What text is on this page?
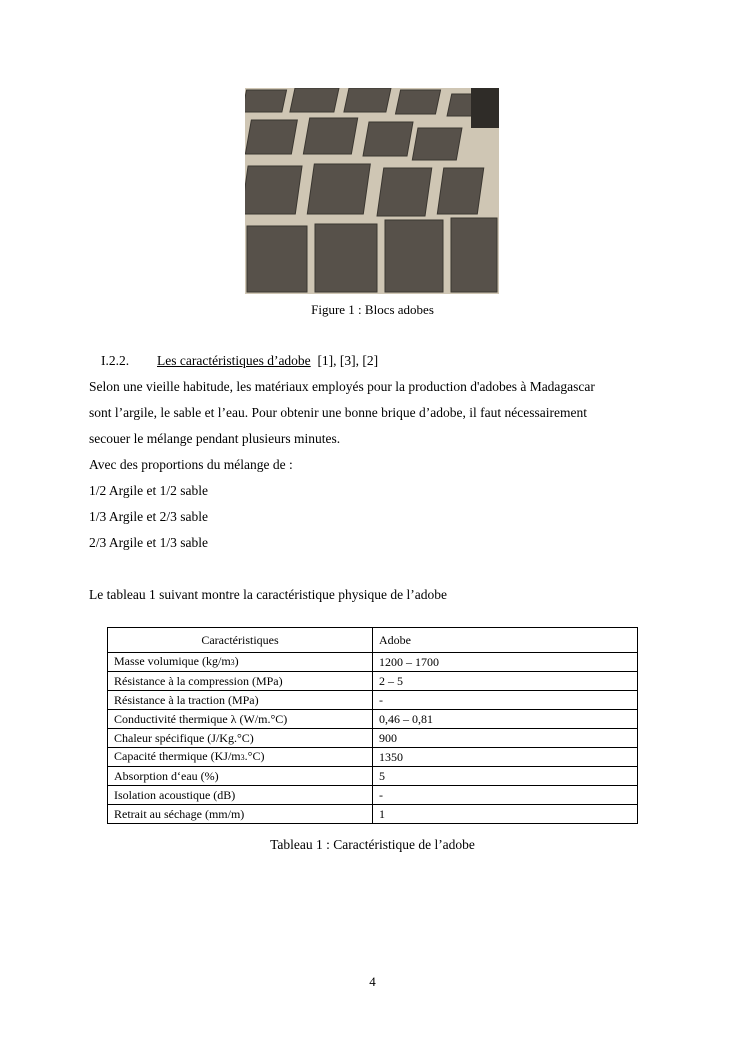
Figure 1 : Blocs adobes
I.2.2. Les caractéristiques d’adobe [1], [3], [2]
Selon une vieille habitude, les matériaux employés pour la production d'adobes à Madagascar
sont l’argile, le sable et l’eau. Pour obtenir une bonne brique d’adobe, il faut nécessairement
secouer le mélange pendant plusieurs minutes.
Avec des proportions du mélange de :
1/2 Argile et 1/2 sable
1/3 Argile et 2/3 sable
2/3 Argile et 1/3 sable
Le tableau 1 suivant montre la caractéristique physique de l’adobe
Caractéristiques	Adobe
Masse volumique (kg/m3)	1200 – 1700
Résistance à la compression (MPa)	2 – 5
Résistance à la traction (MPa)	-
Conductivité thermique λ (W/m.°C)	0,46 – 0,81
Chaleur spécifique (J/Kg.°C)	900
Capacité thermique (KJ/m3.°C)	1350
Absorption d‘eau (%)	5
Isolation acoustique (dB)	-
Retrait au séchage (mm/m)	1
Tableau 1 : Caractéristique de l’adobe
4
